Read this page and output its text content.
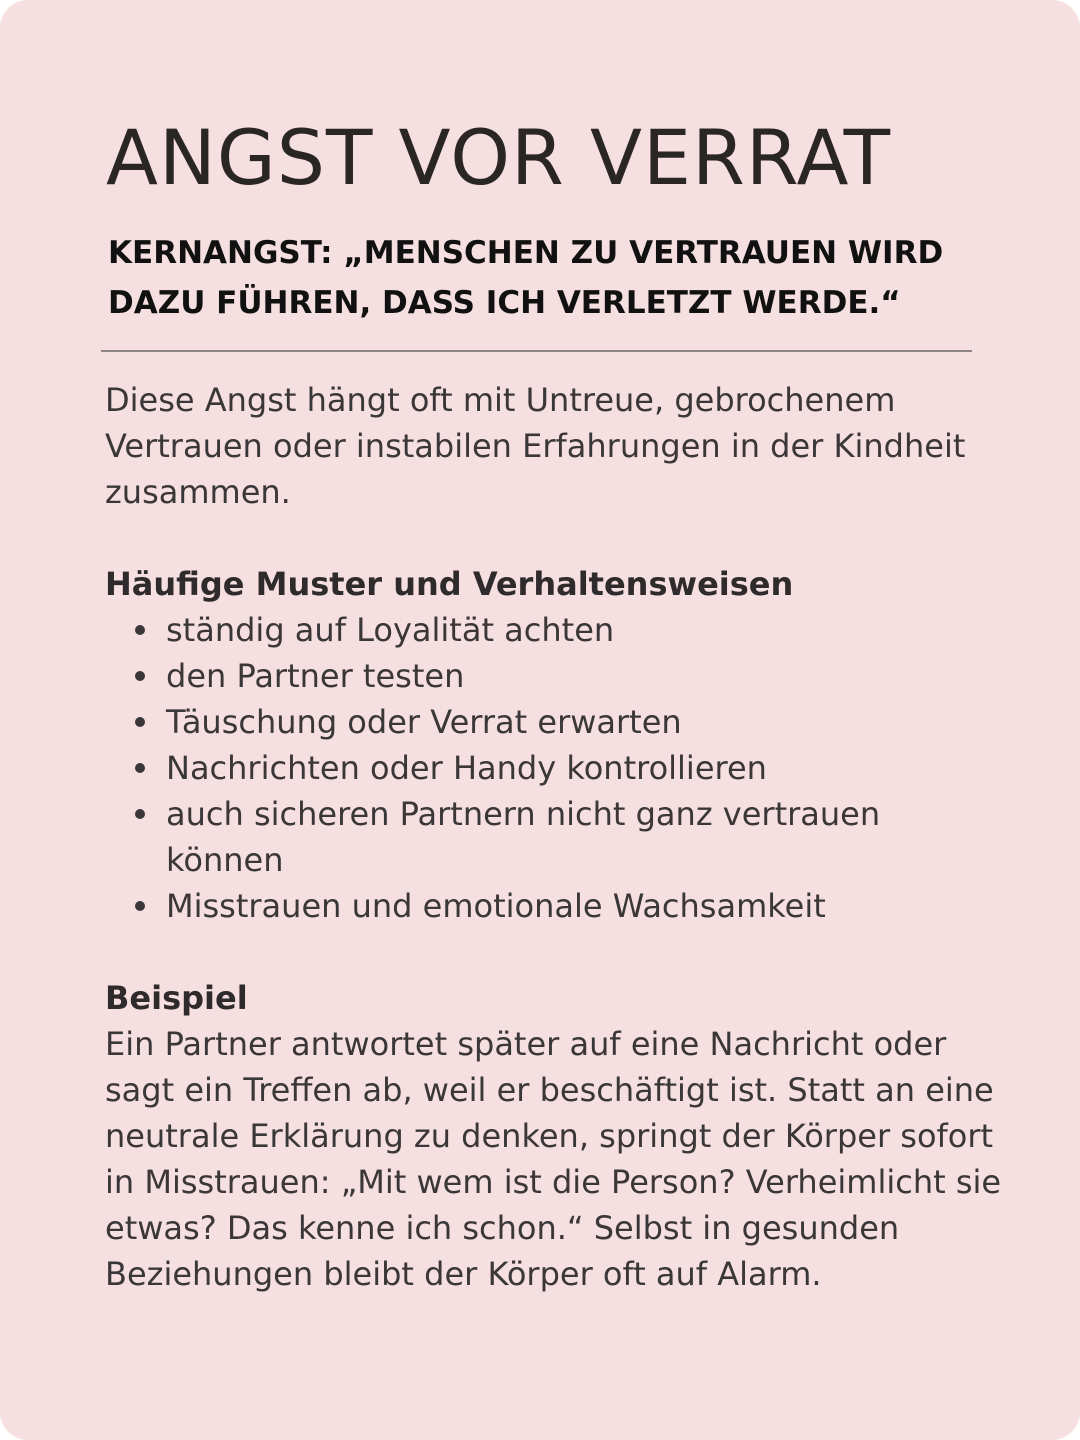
ANGST VOR VERRAT

KERNANGST: „MENSCHEN ZU VERTRAUEN WIRD DAZU FÜHREN, DASS ICH VERLETZT WERDE.“

Diese Angst hängt oft mit Untreue, gebrochenem Vertrauen oder instabilen Erfahrungen in der Kindheit zusammen.

Häufige Muster und Verhaltensweisen

ständig auf Loyalität achten
den Partner testen
Täuschung oder Verrat erwarten
Nachrichten oder Handy kontrollieren
auch sicheren Partnern nicht ganz vertrauen können
Misstrauen und emotionale Wachsamkeit

Beispiel

Ein Partner antwortet später auf eine Nachricht oder sagt ein Treffen ab, weil er beschäftigt ist. Statt an eine neutrale Erklärung zu denken, springt der Körper sofort in Misstrauen: „Mit wem ist die Person? Verheimlicht sie etwas? Das kenne ich schon.“ Selbst in gesunden Beziehungen bleibt der Körper oft auf Alarm.
